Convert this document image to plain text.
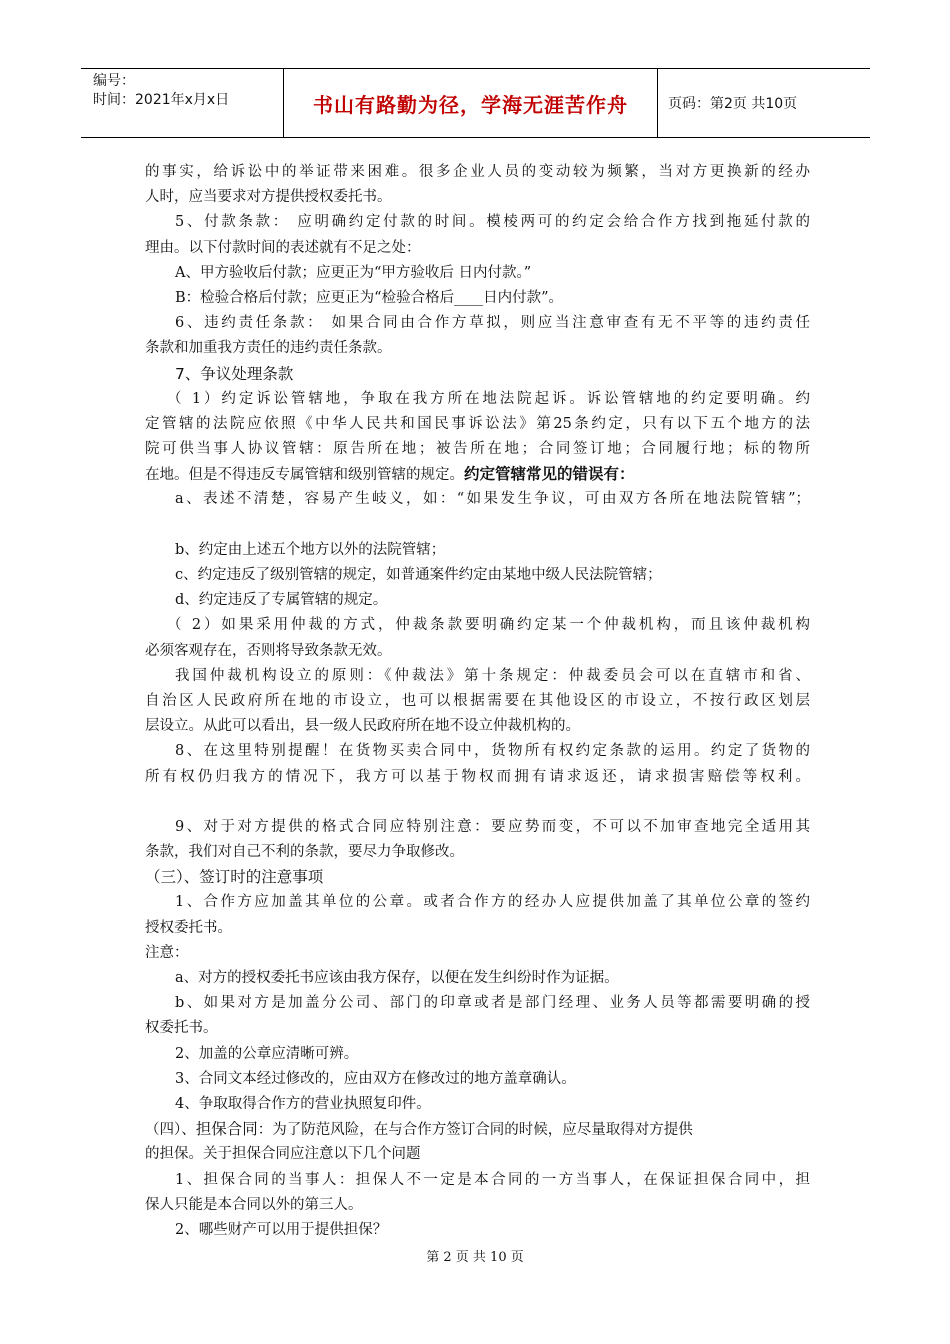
编号：
时间：2021年x月x日	书山有路勤为径，学海无涯苦作舟	页码：第2页 共10页
的事实，给诉讼中的举证带来困难。很多企业人员的变动较为频繁，当对方更换新的经办
人时，应当要求对方提供授权委托书。
5、付款条款： 应明确约定付款的时间。模棱两可的约定会给合作方找到拖延付款的
理由。以下付款时间的表述就有不足之处：
A、甲方验收后付款；应更正为“甲方验收后 日内付款。”
B：检验合格后付款；应更正为“检验合格后____日内付款”。
6、违约责任条款： 如果合同由合作方草拟，则应当注意审查有无不平等的违约责任
条款和加重我方责任的违约责任条款。
7、争议处理条款
（ 1）约定诉讼管辖地，争取在我方所在地法院起诉。诉讼管辖地的约定要明确。约
定管辖的法院应依照《中华人民共和国民事诉讼法》第25条约定，只有以下五个地方的法
院可供当事人协议管辖：原告所在地；被告所在地；合同签订地；合同履行地；标的物所
在地。但是不得违反专属管辖和级别管辖的规定。约定管辖常见的错误有：
a、表述不清楚，容易产生岐义，如：“如果发生争议，可由双方各所在地法院管辖”；
b、约定由上述五个地方以外的法院管辖；
c、约定违反了级别管辖的规定，如普通案件约定由某地中级人民法院管辖；
d、约定违反了专属管辖的规定。
（ 2）如果采用仲裁的方式，仲裁条款要明确约定某一个仲裁机构，而且该仲裁机构
必须客观存在，否则将导致条款无效。
我国仲裁机构设立的原则：《仲裁法》第十条规定：仲裁委员会可以在直辖市和省、
自治区人民政府所在地的市设立，也可以根据需要在其他设区的市设立，不按行政区划层
层设立。从此可以看出，县一级人民政府所在地不设立仲裁机构的。
8、在这里特别提醒！在货物买卖合同中，货物所有权约定条款的运用。约定了货物的
所有权仍归我方的情况下，我方可以基于物权而拥有请求返还，请求损害赔偿等权利。
9、对于对方提供的格式合同应特别注意：要应势而变，不可以不加审查地完全适用其
条款，我们对自己不利的条款，要尽力争取修改。
（三）、签订时的注意事项
1、合作方应加盖其单位的公章。或者合作方的经办人应提供加盖了其单位公章的签约
授权委托书。
注意：
a、对方的授权委托书应该由我方保存，以便在发生纠纷时作为证据。
b、如果对方是加盖分公司、部门的印章或者是部门经理、业务人员等都需要明确的授
权委托书。
2、加盖的公章应清晰可辨。
3、合同文本经过修改的，应由双方在修改过的地方盖章确认。
4、争取取得合作方的营业执照复印件。
（四）、担保合同：为了防范风险，在与合作方签订合同的时候，应尽量取得对方提供
的担保。关于担保合同应注意以下几个问题
1、担保合同的当事人：担保人不一定是本合同的一方当事人，在保证担保合同中，担
保人只能是本合同以外的第三人。
2、哪些财产可以用于提供担保？
第 2 页 共 10 页
